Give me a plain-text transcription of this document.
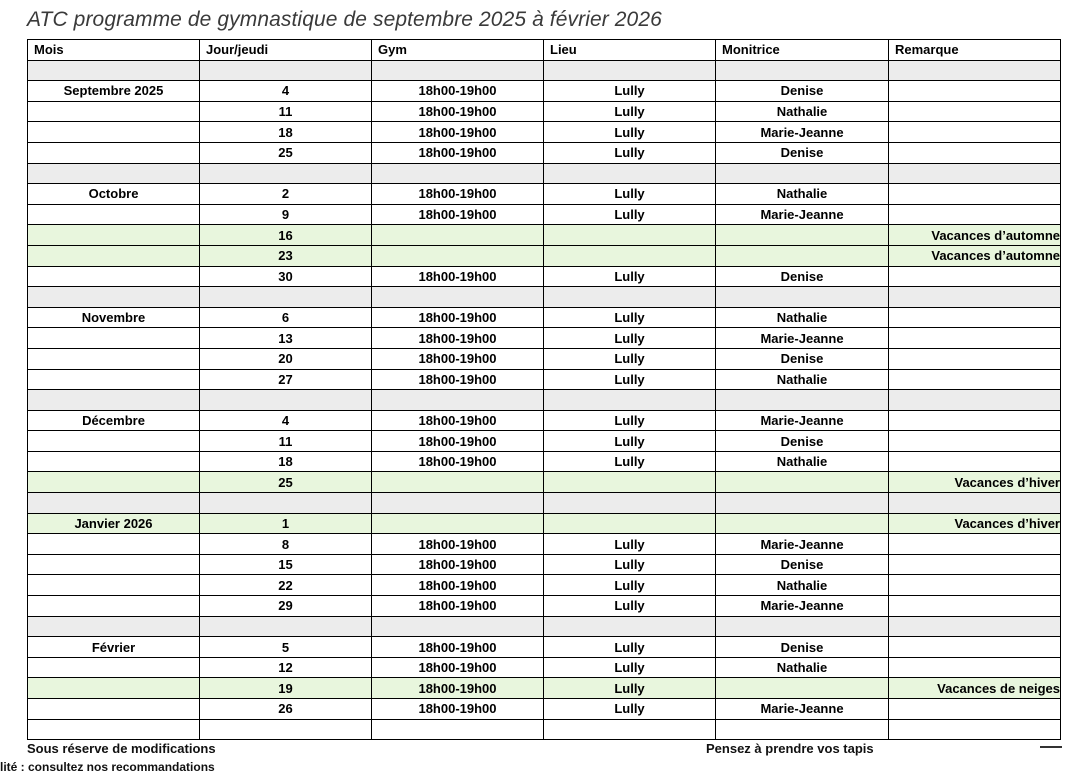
ATC programme de gymnastique de septembre 2025 à février 2026
Mois	Jour/jeudi	Gym	Lieu	Monitrice	Remarque

Septembre 2025	4	18h00-19h00	Lully	Denise	
	11	18h00-19h00	Lully	Nathalie	
	18	18h00-19h00	Lully	Marie-Jeanne	
	25	18h00-19h00	Lully	Denise	

Octobre	2	18h00-19h00	Lully	Nathalie	
	9	18h00-19h00	Lully	Marie-Jeanne	
	16				Vacances d’automne
	23				Vacances d’automne
	30	18h00-19h00	Lully	Denise	

Novembre	6	18h00-19h00	Lully	Nathalie	
	13	18h00-19h00	Lully	Marie-Jeanne	
	20	18h00-19h00	Lully	Denise	
	27	18h00-19h00	Lully	Nathalie	

Décembre	4	18h00-19h00	Lully	Marie-Jeanne	
	11	18h00-19h00	Lully	Denise	
	18	18h00-19h00	Lully	Nathalie	
	25				Vacances d’hiver

Janvier 2026	1				Vacances d’hiver
	8	18h00-19h00	Lully	Marie-Jeanne	
	15	18h00-19h00	Lully	Denise	
	22	18h00-19h00	Lully	Nathalie	
	29	18h00-19h00	Lully	Marie-Jeanne	

Février	5	18h00-19h00	Lully	Denise	
	12	18h00-19h00	Lully	Nathalie	
	19	18h00-19h00	Lully		Vacances de neiges
	26	18h00-19h00	Lully	Marie-Jeanne	

Sous réserve de modifications	Pensez à prendre vos tapis
lité : consultez nos recommandations
